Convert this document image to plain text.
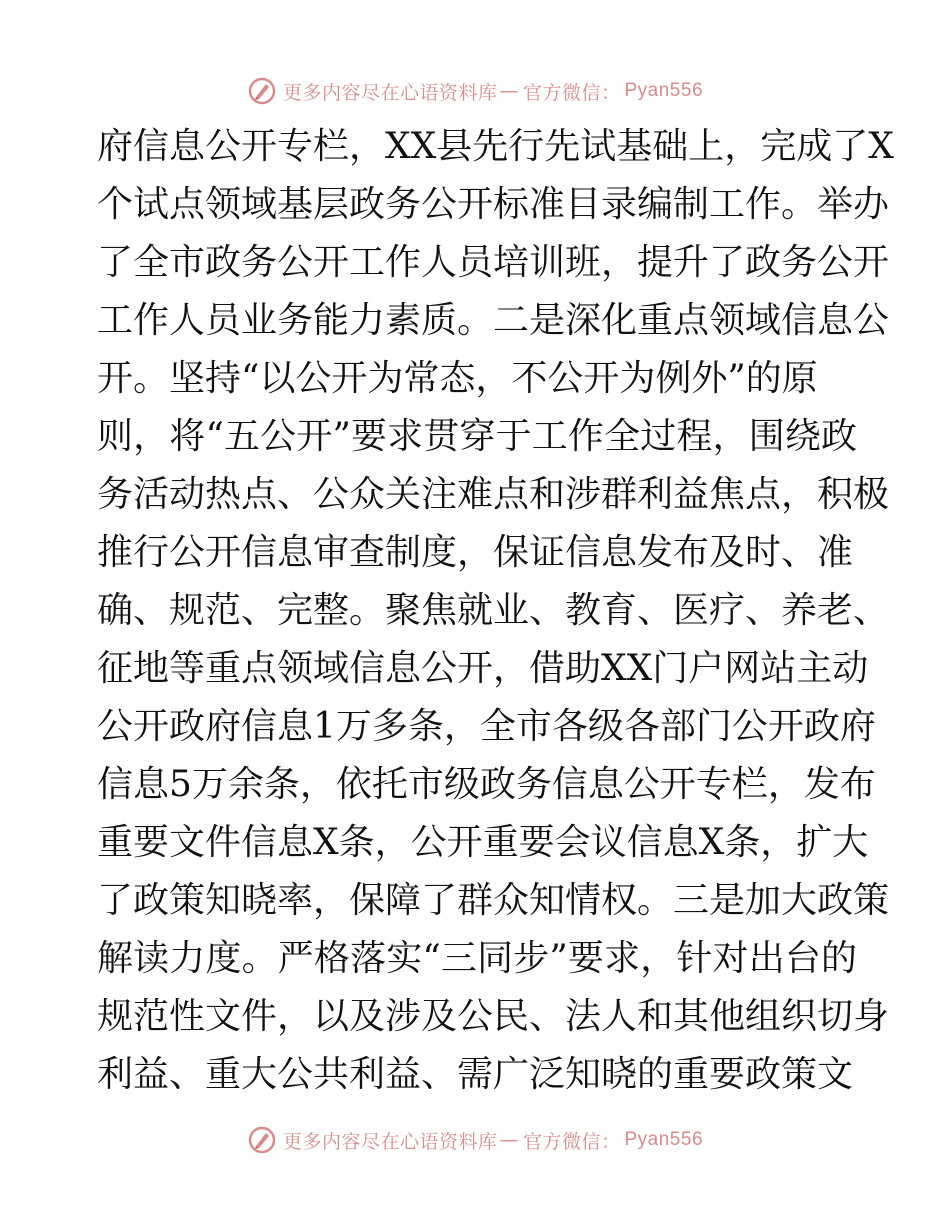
更多内容尽在心语资料库 — 官方微信： Pyan556
府信息公开专栏，XX县先行先试基础上，完成了X
个试点领域基层政务公开标准目录编制工作。举办
了全市政务公开工作人员培训班，提升了政务公开
工作人员业务能力素质。二是深化重点领域信息公
开。坚持“以公开为常态，不公开为例外”的原
则，将“五公开”要求贯穿于工作全过程，围绕政
务活动热点、公众关注难点和涉群利益焦点，积极
推行公开信息审查制度，保证信息发布及时、准
确、规范、完整。聚焦就业、教育、医疗、养老、
征地等重点领域信息公开，借助XX门户网站主动
公开政府信息1万多条，全市各级各部门公开政府
信息5万余条，依托市级政务信息公开专栏，发布
重要文件信息X条，公开重要会议信息X条，扩大
了政策知晓率，保障了群众知情权。三是加大政策
解读力度。严格落实“三同步”要求，针对出台的
规范性文件，以及涉及公民、法人和其他组织切身
利益、重大公共利益、需广泛知晓的重要政策文
更多内容尽在心语资料库 — 官方微信： Pyan556
